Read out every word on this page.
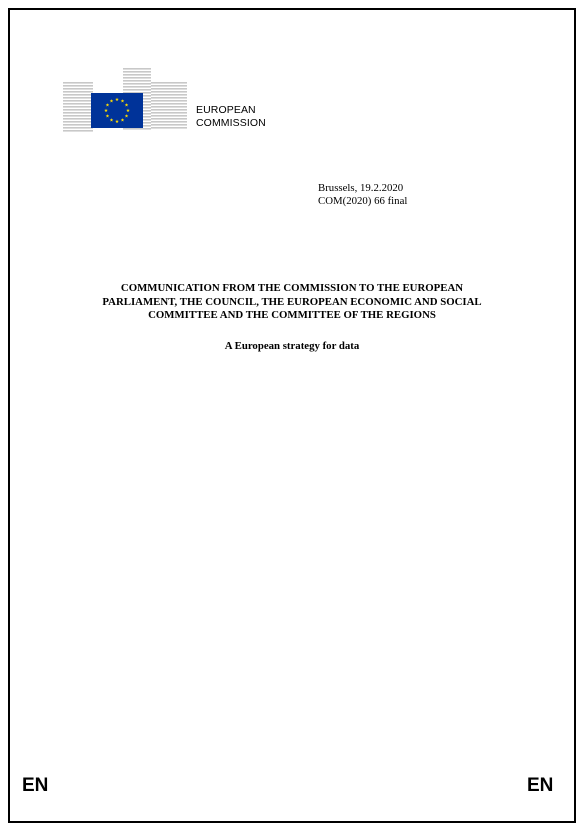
EUROPEAN
COMMISSION
Brussels, 19.2.2020
COM(2020) 66 final
COMMUNICATION FROM THE COMMISSION TO THE EUROPEAN
PARLIAMENT, THE COUNCIL, THE EUROPEAN ECONOMIC AND SOCIAL
COMMITTEE AND THE COMMITTEE OF THE REGIONS
A European strategy for data
EN	EN
